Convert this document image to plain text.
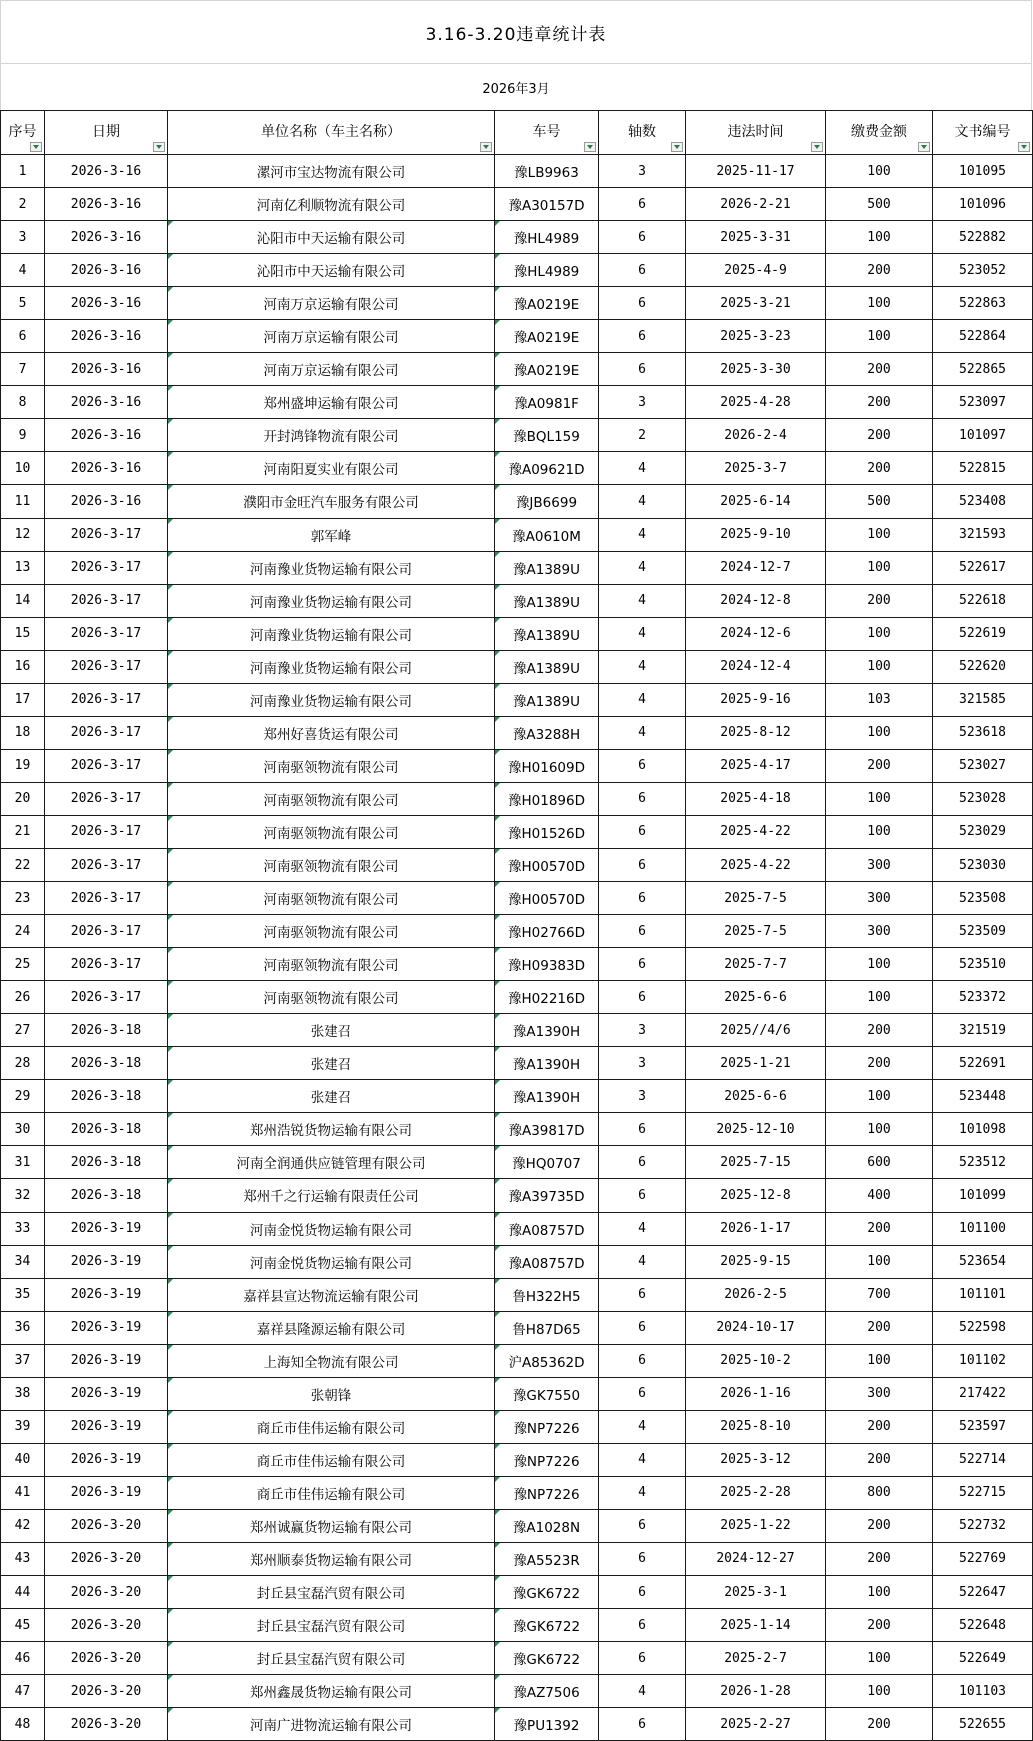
3.16-3.20违章统计表
2026年3月
序号	日期	单位名称（车主名称）	车号	轴数	违法时间	缴费金额	文书编号

1	2026-3-16	漯河市宝达物流有限公司	豫LB9963	3	2025-11-17	100	101095
2	2026-3-16	河南亿利顺物流有限公司	豫A30157D	6	2026-2-21	500	101096
3	2026-3-16	沁阳市中天运输有限公司	豫HL4989	6	2025-3-31	100	522882
4	2026-3-16	沁阳市中天运输有限公司	豫HL4989	6	2025-4-9	200	523052
5	2026-3-16	河南万京运输有限公司	豫A0219E	6	2025-3-21	100	522863
6	2026-3-16	河南万京运输有限公司	豫A0219E	6	2025-3-23	100	522864
7	2026-3-16	河南万京运输有限公司	豫A0219E	6	2025-3-30	200	522865
8	2026-3-16	郑州盛坤运输有限公司	豫A0981F	3	2025-4-28	200	523097
9	2026-3-16	开封鸿锋物流有限公司	豫BQL159	2	2026-2-4	200	101097
10	2026-3-16	河南阳夏实业有限公司	豫A09621D	4	2025-3-7	200	522815
11	2026-3-16	濮阳市金旺汽车服务有限公司	豫JB6699	4	2025-6-14	500	523408
12	2026-3-17	郭军峰	豫A0610M	4	2025-9-10	100	321593
13	2026-3-17	河南豫业货物运输有限公司	豫A1389U	4	2024-12-7	100	522617
14	2026-3-17	河南豫业货物运输有限公司	豫A1389U	4	2024-12-8	200	522618
15	2026-3-17	河南豫业货物运输有限公司	豫A1389U	4	2024-12-6	100	522619
16	2026-3-17	河南豫业货物运输有限公司	豫A1389U	4	2024-12-4	100	522620
17	2026-3-17	河南豫业货物运输有限公司	豫A1389U	4	2025-9-16	103	321585
18	2026-3-17	郑州好喜货运有限公司	豫A3288H	4	2025-8-12	100	523618
19	2026-3-17	河南驱领物流有限公司	豫H01609D	6	2025-4-17	200	523027
20	2026-3-17	河南驱领物流有限公司	豫H01896D	6	2025-4-18	100	523028
21	2026-3-17	河南驱领物流有限公司	豫H01526D	6	2025-4-22	100	523029
22	2026-3-17	河南驱领物流有限公司	豫H00570D	6	2025-4-22	300	523030
23	2026-3-17	河南驱领物流有限公司	豫H00570D	6	2025-7-5	300	523508
24	2026-3-17	河南驱领物流有限公司	豫H02766D	6	2025-7-5	300	523509
25	2026-3-17	河南驱领物流有限公司	豫H09383D	6	2025-7-7	100	523510
26	2026-3-17	河南驱领物流有限公司	豫H02216D	6	2025-6-6	100	523372
27	2026-3-18	张建召	豫A1390H	3	2025//4/6	200	321519
28	2026-3-18	张建召	豫A1390H	3	2025-1-21	200	522691
29	2026-3-18	张建召	豫A1390H	3	2025-6-6	100	523448
30	2026-3-18	郑州浩锐货物运输有限公司	豫A39817D	6	2025-12-10	100	101098
31	2026-3-18	河南全润通供应链管理有限公司	豫HQ0707	6	2025-7-15	600	523512
32	2026-3-18	郑州千之行运输有限责任公司	豫A39735D	6	2025-12-8	400	101099
33	2026-3-19	河南金悦货物运输有限公司	豫A08757D	4	2026-1-17	200	101100
34	2026-3-19	河南金悦货物运输有限公司	豫A08757D	4	2025-9-15	100	523654
35	2026-3-19	嘉祥县宣达物流运输有限公司	鲁H322H5	6	2026-2-5	700	101101
36	2026-3-19	嘉祥县隆源运输有限公司	鲁H87D65	6	2024-10-17	200	522598
37	2026-3-19	上海知全物流有限公司	沪A85362D	6	2025-10-2	100	101102
38	2026-3-19	张朝锋	豫GK7550	6	2026-1-16	300	217422
39	2026-3-19	商丘市佳伟运输有限公司	豫NP7226	4	2025-8-10	200	523597
40	2026-3-19	商丘市佳伟运输有限公司	豫NP7226	4	2025-3-12	200	522714
41	2026-3-19	商丘市佳伟运输有限公司	豫NP7226	4	2025-2-28	800	522715
42	2026-3-20	郑州诚赢货物运输有限公司	豫A1028N	6	2025-1-22	200	522732
43	2026-3-20	郑州顺泰货物运输有限公司	豫A5523R	6	2024-12-27	200	522769
44	2026-3-20	封丘县宝磊汽贸有限公司	豫GK6722	6	2025-3-1	100	522647
45	2026-3-20	封丘县宝磊汽贸有限公司	豫GK6722	6	2025-1-14	200	522648
46	2026-3-20	封丘县宝磊汽贸有限公司	豫GK6722	6	2025-2-7	100	522649
47	2026-3-20	郑州鑫晟货物运输有限公司	豫AZ7506	4	2026-1-28	100	101103
48	2026-3-20	河南广进物流运输有限公司	豫PU1392	6	2025-2-27	200	522655
